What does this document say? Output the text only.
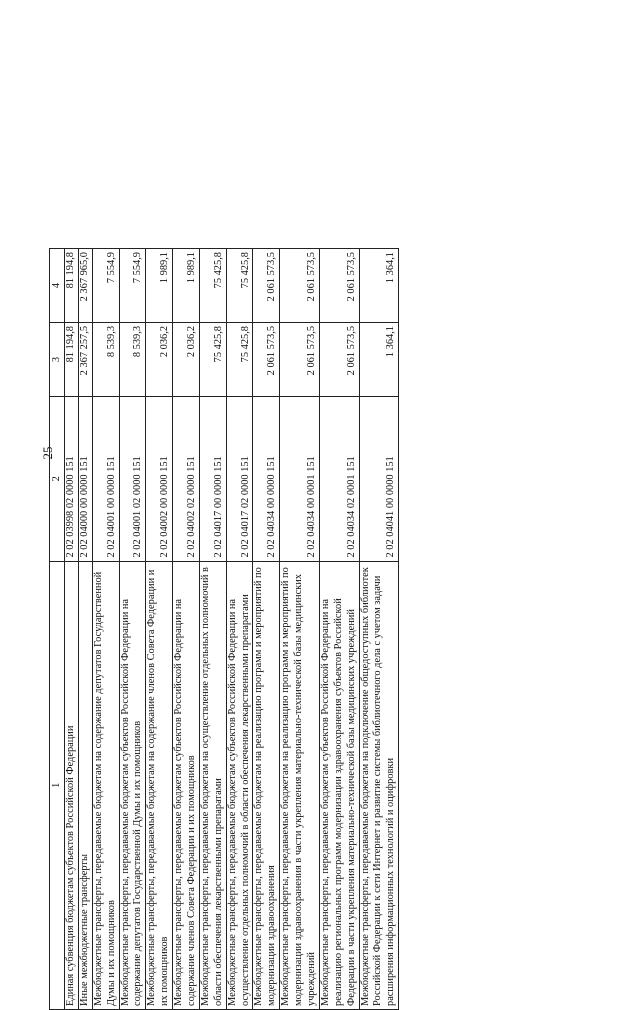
25
1	2	3	4
Единая субвенция бюджетам субъектов Российской Федерации	2 02 03998 02 0000 151	81 194,8	81 194,8
Иные межбюджетные трансферты	2 02 04000 00 0000 151	2 367 257,5	2 367 965,0
Межбюджетные трансферты, передаваемые бюджетам на содержание депутатов Государственной Думы и их помощников	2 02 04001 00 0000 151	8 539,3	7 554,9
Межбюджетные трансферты, передаваемые бюджетам субъектов Российской Федерации на содержание депутатов Государственной Думы и их помощников	2 02 04001 02 0000 151	8 539,3	7 554,9
Межбюджетные трансферты, передаваемые бюджетам на содержание членов Совета Федерации и их помощников	2 02 04002 00 0000 151	2 036,2	1 989,1
Межбюджетные трансферты, передаваемые бюджетам субъектов Российской Федерации на содержание членов Совета Федерации и их помощников	2 02 04002 02 0000 151	2 036,2	1 989,1
Межбюджетные трансферты, передаваемые бюджетам на осуществление отдельных полномочий в области обеспечения лекарственными препаратами	2 02 04017 00 0000 151	75 425,8	75 425,8
Межбюджетные трансферты, передаваемые бюджетам субъектов Российской Федерации на осуществление отдельных полномочий в области обеспечения лекарственными препаратами	2 02 04017 02 0000 151	75 425,8	75 425,8
Межбюджетные трансферты, передаваемые бюджетам на реализацию программ и мероприятий по модернизации здравоохранения	2 02 04034 00 0000 151	2 061 573,5	2 061 573,5
Межбюджетные трансферты, передаваемые бюджетам на реализацию программ и мероприятий по модернизации здравоохранения в части укрепления материально-технической базы медицинских учреждений	2 02 04034 00 0001 151	2 061 573,5	2 061 573,5
Межбюджетные трансферты, передаваемые бюджетам субъектов Российской Федерации на реализацию региональных программ модернизации здравоохранения субъектов Российской Федерации в части укрепления материально-технической базы медицинских учреждений	2 02 04034 02 0001 151	2 061 573,5	2 061 573,5
Межбюджетные трансферты, передаваемые бюджетам на подключение общедоступных библиотек Российской Федерации к сети Интернет и развитие системы библиотечного дела с учетом задачи расширения информационных технологий и оцифровки	2 02 04041 00 0000 151	1 364,1	1 364,1
